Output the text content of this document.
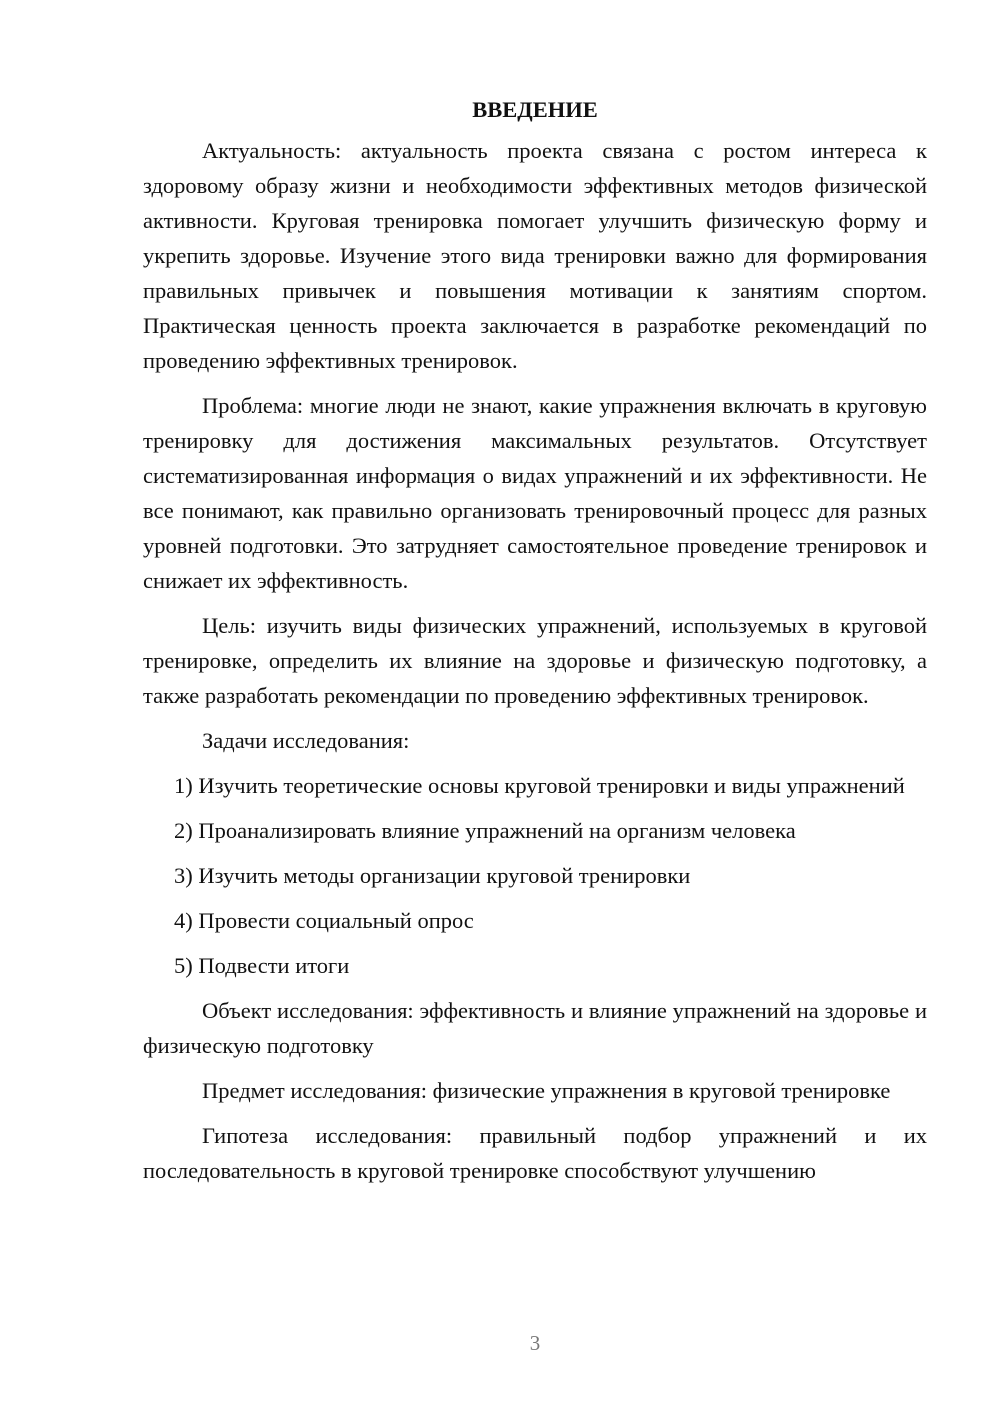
ВВЕДЕНИЕ

Актуальность: актуальность проекта связана с ростом интереса к здоровому образу жизни и необходимости эффективных методов физической активности. Круговая тренировка помогает улучшить физическую форму и укрепить здоровье. Изучение этого вида тренировки важно для формирования правильных привычек и повышения мотивации к занятиям спортом. Практическая ценность проекта заключается в разработке рекомендаций по проведению эффективных тренировок.

Проблема: многие люди не знают, какие упражнения включать в круговую тренировку для достижения максимальных результатов. Отсутствует систематизированная информация о видах упражнений и их эффективности. Не все понимают, как правильно организовать тренировочный процесс для разных уровней подготовки. Это затрудняет самостоятельное проведение тренировок и снижает их эффективность.

Цель: изучить виды физических упражнений, используемых в круговой тренировке, определить их влияние на здоровье и физическую подготовку, а также разработать рекомендации по проведению эффективных тренировок.

Задачи исследования:

1) Изучить теоретические основы круговой тренировки и виды упражнений

2) Проанализировать влияние упражнений на организм человека

3) Изучить методы организации круговой тренировки

4) Провести социальный опрос

5) Подвести итоги

Объект исследования: эффективность и влияние упражнений на здоровье и физическую подготовку

Предмет исследования: физические упражнения в круговой тренировке

Гипотеза исследования: правильный подбор упражнений и их последовательность в круговой тренировке способствуют улучшению

3
